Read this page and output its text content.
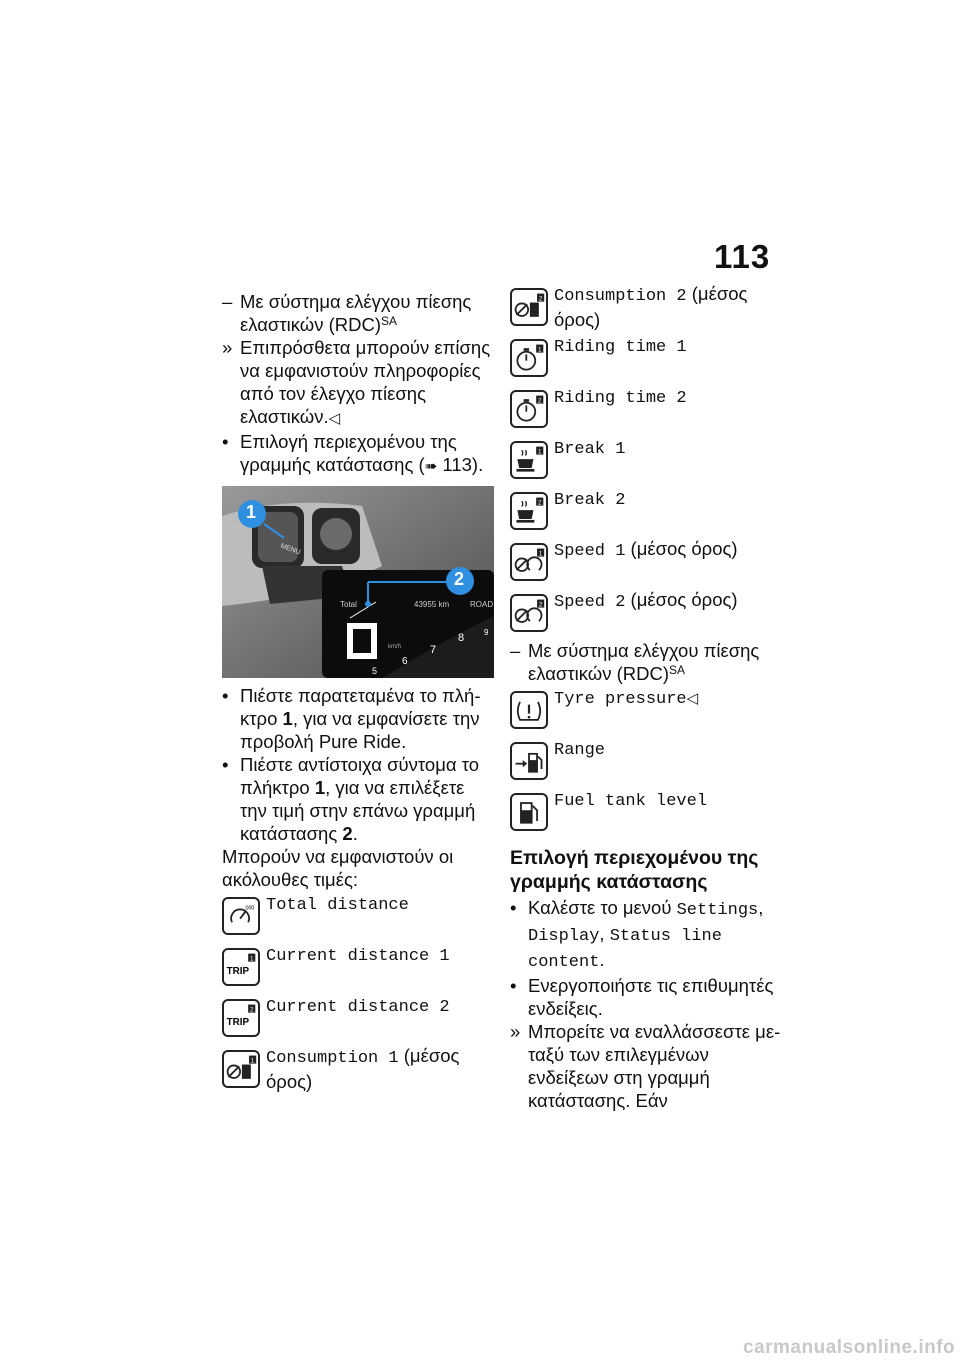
113
– Με σύστημα ελέγχου πίεσης ελαστικών (RDC)$^{SA}$
» Επιπρόσθετα μπορούν επίσης να εμφανιστούν πληροφορίες από τον έλεγχο πίεσης ελαστικών.◁
• Επιλογή περιεχομένου της γραμμής κατάστασης (➠ 113).
1
2
MENU
Total	43955 km	ROAD
km/h
5
6
7
8 9
• Πιέστε παρατεταμένα το πλήκτρο 1, για να εμφανίσετε την προβολή Pure Ride.
• Πιέστε αντίστοιχα σύντομα το πλήκτρο 1, για να επιλέξετε την τιμή στην επάνω γραμμή κατάστασης 2.

Μπορούν να εμφανιστούν οι ακόλουθες τιμές:

000 Total distance
TRIP
1 Current distance 1
TRIP
2 Current distance 2
1 Consumption 1 (μέσος όρος)
2 Consumption 2 (μέσος όρος)
1 Riding time 1
2 Riding time 2
1 Break 1
2 Break 2
1 Speed 1 (μέσος όρος)
2 Speed 2 (μέσος όρος)
– Με σύστημα ελέγχου πίεσης ελαστικών (RDC)$^{SA}$
Tyre pressure◁
Range
Fuel tank level
Επιλογή περιεχομένου της γραμμής κατάστασης
• Καλέστε το μενού Settings, Display, Status line content.
• Ενεργοποιήστε τις επιθυμητές ενδείξεις.
» Μπορείτε να εναλλάσσεστε μεταξύ των επιλεγμένων ενδείξεων στη γραμμή κατάστασης. Εάν
carmanualsonline.info
